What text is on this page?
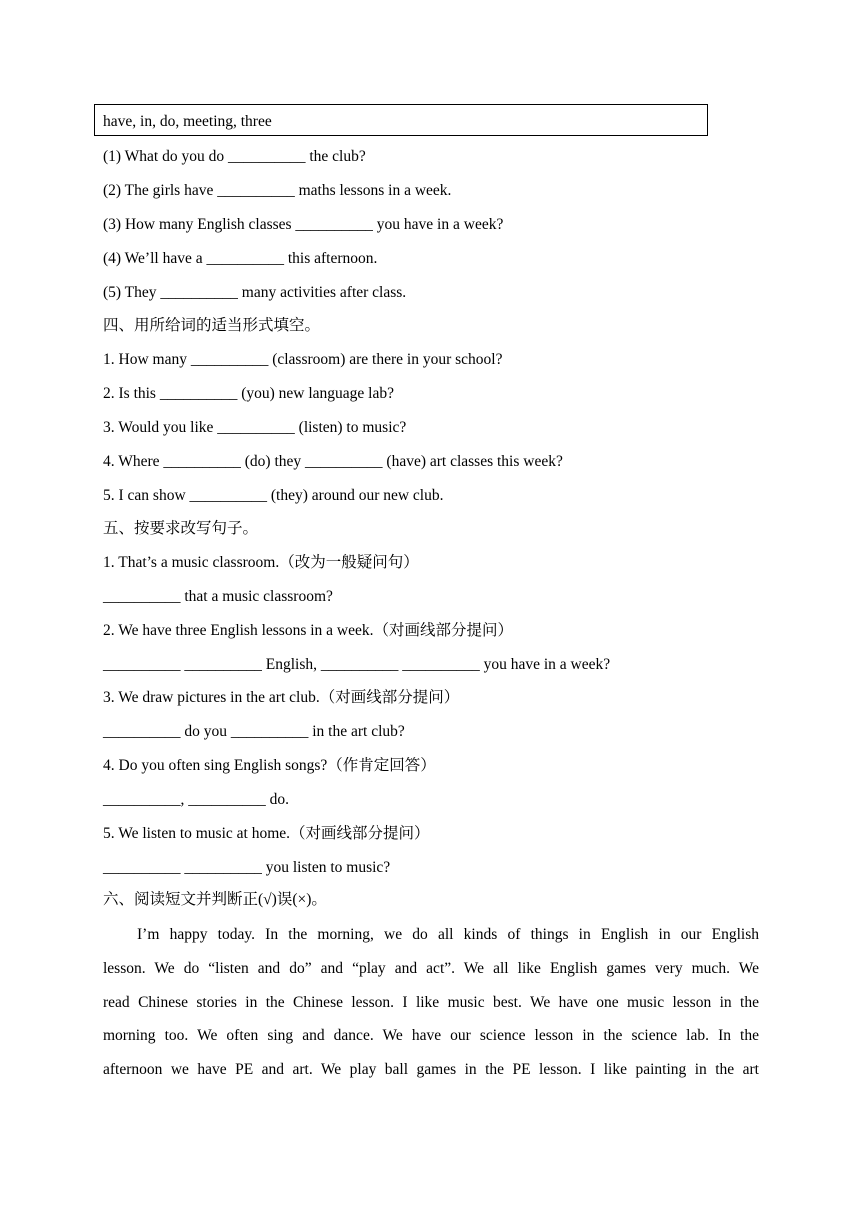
have, in, do, meeting, three
(1) What do you do __________ the club?
(2) The girls have __________ maths lessons in a week.
(3) How many English classes __________ you have in a week?
(4) We’ll have a __________ this afternoon.
(5) They __________ many activities after class.
四、用所给词的适当形式填空。
1. How many __________ (classroom) are there in your school?
2. Is this __________ (you) new language lab?
3. Would you like __________ (listen) to music?
4. Where __________ (do) they __________ (have) art classes this week?
5. I can show __________ (they) around our new club.
五、按要求改写句子。
1. That’s a music classroom.（改为一般疑问句）
__________ that a music classroom?
2. We have three English lessons in a week.（对画线部分提问）
__________ __________ English, __________ __________ you have in a week?
3. We draw pictures in the art club.（对画线部分提问）
__________ do you __________ in the art club?
4. Do you often sing English songs?（作肯定回答）
__________, __________ do.
5. We listen to music at home.（对画线部分提问）
__________ __________ you listen to music?
六、阅读短文并判断正(√)误(×)。
I’m happy today. In the morning, we do all kinds of things in English in our English
lesson. We do “listen and do” and “play and act”. We all like English games very much. We
read Chinese stories in the Chinese lesson. I like music best. We have one music lesson in the
morning too. We often sing and dance. We have our science lesson in the science lab. In the
afternoon we have PE and art. We play ball games in the PE lesson. I like painting in the art
